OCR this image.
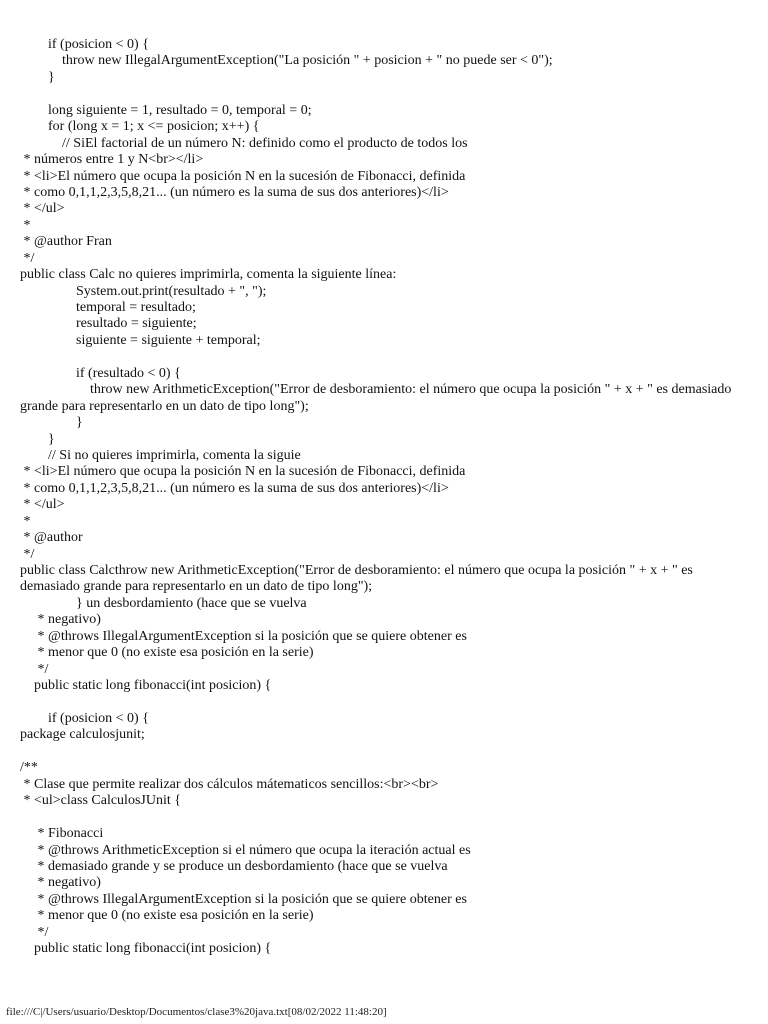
if (posicion < 0) {
throw new IllegalArgumentException("La posición " + posicion + " no puede ser < 0");
}
long siguiente = 1, resultado = 0, temporal = 0;
for (long x = 1; x <= posicion; x++) {
// SiEl factorial de un número N: definido como el producto de todos los
* números entre 1 y N<br></li>
* <li>El número que ocupa la posición N en la sucesión de Fibonacci, definida
* como 0,1,1,2,3,5,8,21... (un número es la suma de sus dos anteriores)</li>
* </ul>
*
* @author Fran
*/
public class Calc no quieres imprimirla, comenta la siguiente línea:
System.out.print(resultado + ", ");
temporal = resultado;
resultado = siguiente;
siguiente = siguiente + temporal;
if (resultado < 0) {
throw new ArithmeticException("Error de desboramiento: el número que ocupa la posición " + x + " es demasiado grande para representarlo en un dato de tipo long");
}
}
// Si no quieres imprimirla, comenta la siguie
* <li>El número que ocupa la posición N en la sucesión de Fibonacci, definida
* como 0,1,1,2,3,5,8,21... (un número es la suma de sus dos anteriores)</li>
* </ul>
*
* @author
*/
public class Calcthrow new ArithmeticException("Error de desboramiento: el número que ocupa la posición " + x + " es demasiado grande para representarlo en un dato de tipo long");
} un desbordamiento (hace que se vuelva
* negativo)
* @throws IllegalArgumentException si la posición que se quiere obtener es
* menor que 0 (no existe esa posición en la serie)
*/
public static long fibonacci(int posicion) {
if (posicion < 0) {
package calculosjunit;
/**
* Clase que permite realizar dos cálculos mátematicos sencillos:<br><br>
* <ul>class CalculosJUnit {
* Fibonacci
* @throws ArithmeticException si el número que ocupa la iteración actual es
* demasiado grande y se produce un desbordamiento (hace que se vuelva
* negativo)
* @throws IllegalArgumentException si la posición que se quiere obtener es
* menor que 0 (no existe esa posición en la serie)
*/
public static long fibonacci(int posicion) {
file:///C|/Users/usuario/Desktop/Documentos/clase3%20java.txt[08/02/2022 11:48:20]
